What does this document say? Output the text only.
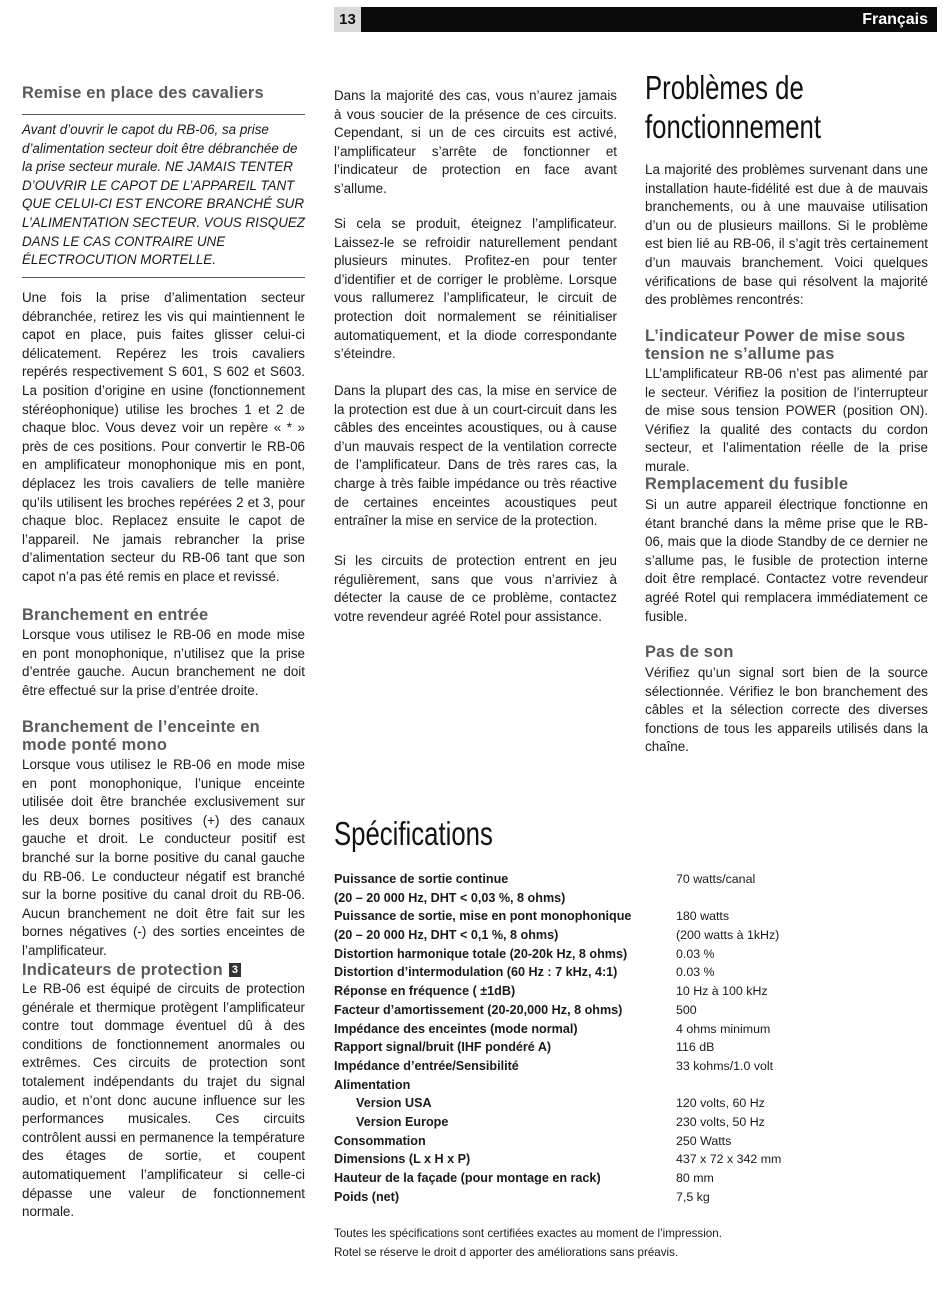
13	Français
Remise en place des cavaliers

Avant d’ouvrir le capot du RB-06, sa prise d’alimentation secteur doit être débranchée de la prise secteur murale. NE JAMAIS TENTER D’OUVRIR LE CAPOT DE L’APPAREIL TANT QUE CELUI-CI EST ENCORE BRANCHÉ SUR L’ALIMENTATION SECTEUR. VOUS RISQUEZ DANS LE CAS CONTRAIRE UNE ÉLECTROCUTION MORTELLE.

Une fois la prise d’alimentation secteur débranchée, retirez les vis qui maintiennent le capot en place, puis faites glisser celui-ci délicatement. Repérez les trois cavaliers repérés respectivement S 601, S 602 et S603. La position d’origine en usine (fonctionnement stéréophonique) utilise les broches 1 et 2 de chaque bloc. Vous devez voir un repère « * » près de ces positions. Pour convertir le RB-06 en amplificateur monophonique mis en pont, déplacez les trois cavaliers de telle manière qu’ils utilisent les broches repérées 2 et 3, pour chaque bloc. Replacez ensuite le capot de l’appareil. Ne jamais rebrancher la prise d’alimentation secteur du RB-06 tant que son capot n’a pas été remis en place et revissé.

Branchement en entrée

Lorsque vous utilisez le RB-06 en mode mise en pont monophonique, n’utilisez que la prise d’entrée gauche. Aucun branchement ne doit être effectué sur la prise d’entrée droite.

Branchement de l’enceinte en mode ponté mono

Lorsque vous utilisez le RB-06 en mode mise en pont monophonique, l’unique enceinte utilisée doit être branchée exclusivement sur les deux bornes positives (+) des canaux gauche et droit. Le conducteur positif est branché sur la borne positive du canal gauche du RB-06. Le conducteur négatif est branché sur la borne positive du canal droit du RB-06. Aucun branchement ne doit être fait sur les bornes négatives (-) des sorties enceintes de l’amplificateur.

Indicateurs de protection 3

Le RB-06 est équipé de circuits de protection générale et thermique protègent l’amplificateur contre tout dommage éventuel dû à des conditions de fonctionnement anormales ou extrêmes. Ces circuits de protection sont totalement indépendants du trajet du signal audio, et n’ont donc aucune influence sur les performances musicales. Ces circuits contrôlent aussi en permanence la température des étages de sortie, et coupent automatiquement l’amplificateur si celle-ci dépasse une valeur de fonctionnement normale.

Dans la majorité des cas, vous n’aurez jamais à vous soucier de la présence de ces circuits. Cependant, si un de ces circuits est activé, l’amplificateur s’arrête de fonctionner et l’indicateur de protection en face avant s’allume.

Si cela se produit, éteignez l’amplificateur. Laissez-le se refroidir naturellement pendant plusieurs minutes. Profitez-en pour tenter d’identifier et de corriger le problème. Lorsque vous rallumerez l’amplificateur, le circuit de protection doit normalement se réinitialiser automatiquement, et la diode correspondante s’éteindre.

Dans la plupart des cas, la mise en service de la protection est due à un court-circuit dans les câbles des enceintes acoustiques, ou à cause d’un mauvais respect de la ventilation correcte de l’amplificateur. Dans de très rares cas, la charge à très faible impédance ou très réactive de certaines enceintes acoustiques peut entraîner la mise en service de la protection.

Si les circuits de protection entrent en jeu régulièrement, sans que vous n’arriviez à détecter la cause de ce problème, contactez votre revendeur agréé Rotel pour assistance.

Problèmes de fonctionnement

La majorité des problèmes survenant dans une installation haute-fidélité est due à de mauvais branchements, ou à une mauvaise utilisation d’un ou de plusieurs maillons. Si le problème est bien lié au RB-06, il s’agit très certainement d’un mauvais branchement. Voici quelques vérifications de base qui résolvent la majorité des problèmes rencontrés:

L’indicateur Power de mise sous tension ne s’allume pas

LL’amplificateur RB-06 n’est pas alimenté par le secteur. Vérifiez la position de l’interrupteur de mise sous tension POWER (position ON). Vérifiez la qualité des contacts du cordon secteur, et l’alimentation réelle de la prise murale.

Remplacement du fusible

Si un autre appareil électrique fonctionne en étant branché dans la même prise que le RB-06, mais que la diode Standby de ce dernier ne s’allume pas, le fusible de protection interne doit être remplacé. Contactez votre revendeur agréé Rotel qui remplacera immédiatement ce fusible.

Pas de son

Vérifiez qu’un signal sort bien de la source sélectionnée. Vérifiez le bon branchement des câbles et la sélection correcte des diverses fonctions de tous les appareils utilisés dans la chaîne.

Spécifications
Puissance de sortie continue	70 watts/canal
(20 – 20 000 Hz, DHT < 0,03 %, 8 ohms)
Puissance de sortie, mise en pont monophonique	180 watts
(20 – 20 000 Hz, DHT < 0,1 %, 8 ohms)	(200 watts à 1kHz)
Distortion harmonique totale (20-20k Hz, 8 ohms)	0.03 %
Distortion d’intermodulation (60 Hz : 7 kHz, 4:1)	0.03 %
Réponse en fréquence ( ±1dB)	10 Hz à 100 kHz
Facteur d’amortissement (20-20,000 Hz, 8 ohms)	500
Impédance des enceintes (mode normal)	4 ohms minimum
Rapport signal/bruit (IHF pondéré A)	116 dB
Impédance d’entrée/Sensibilité	33 kohms/1.0 volt
Alimentation
Version USA	120 volts, 60 Hz
Version Europe	230 volts, 50 Hz
Consommation	250 Watts
Dimensions (L x H x P)	437 x 72 x 342 mm
Hauteur de la façade (pour montage en rack)	80 mm
Poids (net)	7,5 kg
Toutes les spécifications sont certifiées exactes au moment de l’impression.
Rotel se réserve le droit d apporter des améliorations sans préavis.
